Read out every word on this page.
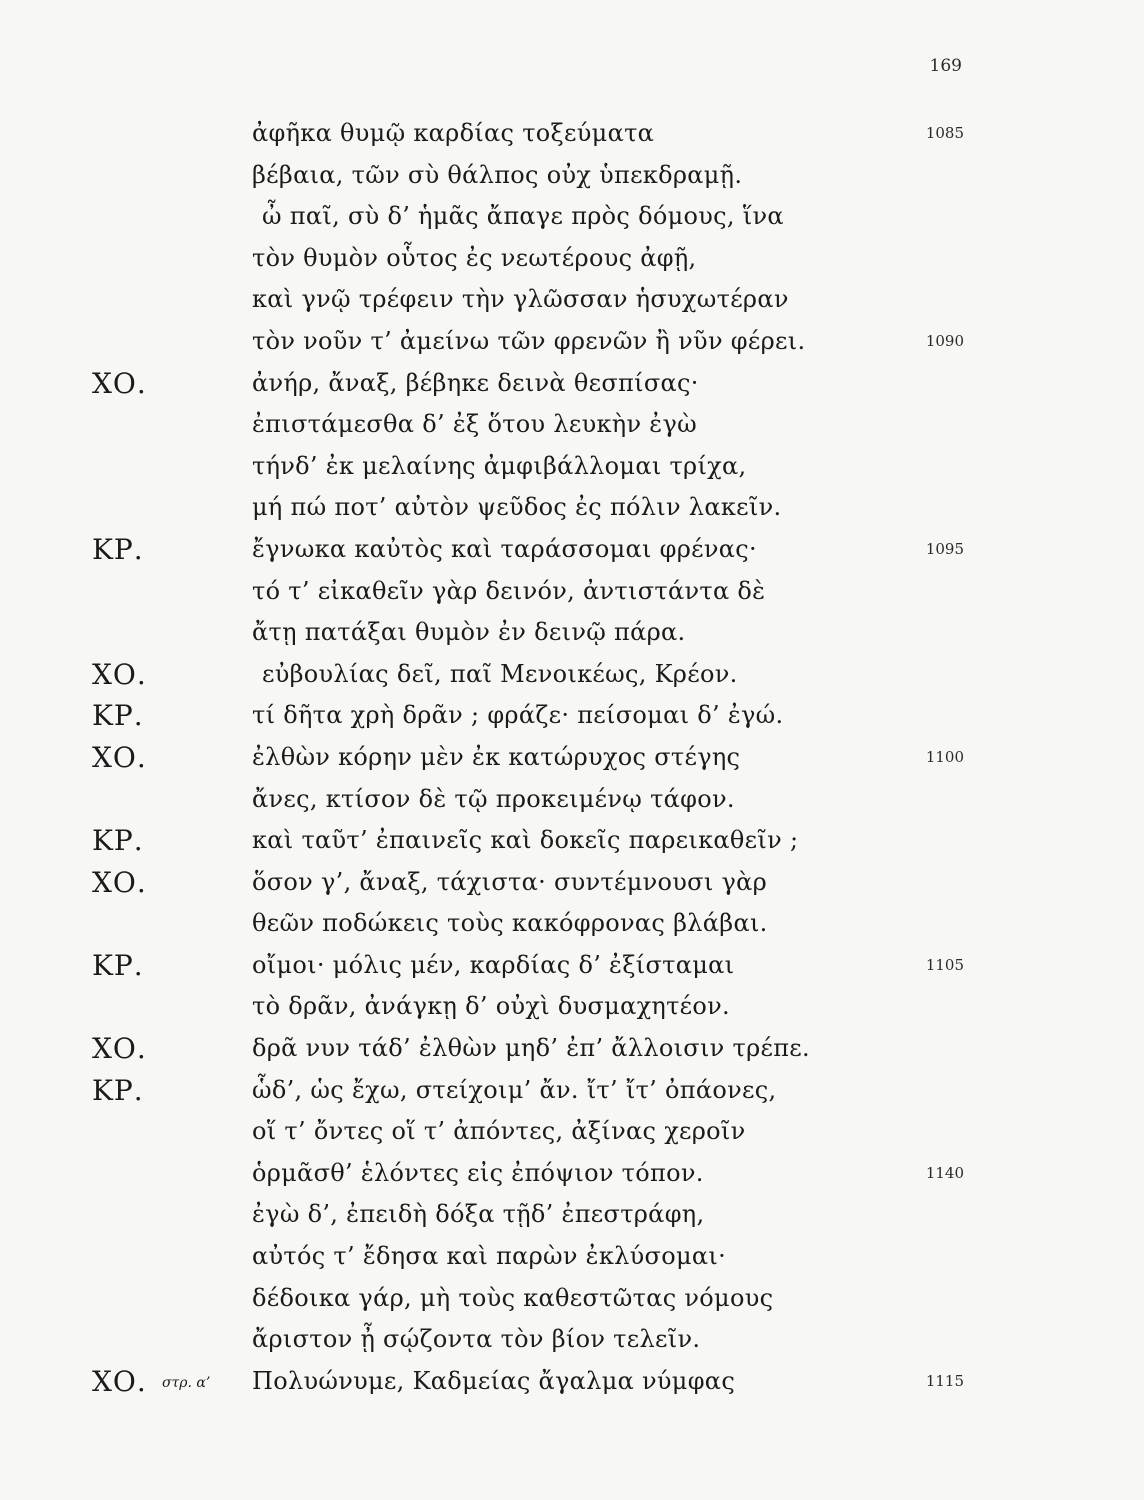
169
ἀφῆκα θυμῷ καρδίας τοξεύματα	1085
βέβαια, τῶν σὺ θάλπος οὐχ ὑπεκδραμῇ.
ὦ παῖ, σὺ δ’ ἡμᾶς ἄπαγε πρὸς δόμους, ἵνα
τὸν θυμὸν οὗτος ἐς νεωτέρους ἀφῇ,
καὶ γνῷ τρέφειν τὴν γλῶσσαν ἡσυχωτέραν
τὸν νοῦν τ’ ἀμείνω τῶν φρενῶν ἢ νῦν φέρει.	1090
ΧΟ.	ἀνήρ, ἄναξ, βέβηκε δεινὰ θεσπίσας·
ἐπιστάμεσθα δ’ ἐξ ὅτου λευκὴν ἐγὼ
τήνδ’ ἐκ μελαίνης ἀμφιβάλλομαι τρίχα,
μή πώ ποτ’ αὐτὸν ψεῦδος ἐς πόλιν λακεῖν.
ΚΡ.	ἔγνωκα καὐτὸς καὶ ταράσσομαι φρένας·	1095
τό τ’ εἰκαθεῖν γὰρ δεινόν, ἀντιστάντα δὲ
ἄτῃ πατάξαι θυμὸν ἐν δεινῷ πάρα.
ΧΟ.	εὐβουλίας δεῖ, παῖ Μενοικέως, Κρέον.
ΚΡ.	τί δῆτα χρὴ δρᾶν ; φράζε· πείσομαι δ’ ἐγώ.
ΧΟ.	ἐλθὼν κόρην μὲν ἐκ κατώρυχος στέγης	1100
ἄνες, κτίσον δὲ τῷ προκειμένῳ τάφον.
ΚΡ.	καὶ ταῦτ’ ἐπαινεῖς καὶ δοκεῖς παρεικαθεῖν ;
ΧΟ.	ὅσον γ’, ἄναξ, τάχιστα· συντέμνουσι γὰρ
θεῶν ποδώκεις τοὺς κακόφρονας βλάβαι.
ΚΡ.	οἴμοι· μόλις μέν, καρδίας δ’ ἐξίσταμαι	1105
τὸ δρᾶν, ἀνάγκῃ δ’ οὐχὶ δυσμαχητέον.
ΧΟ.	δρᾶ νυν τάδ’ ἐλθὼν μηδ’ ἐπ’ ἄλλοισιν τρέπε.
ΚΡ.	ὧδ’, ὡς ἔχω, στείχοιμ’ ἄν. ἴτ’ ἴτ’ ὀπάονες,
οἵ τ’ ὄντες οἵ τ’ ἀπόντες, ἀξίνας χεροῖν
ὁρμᾶσθ’ ἑλόντες εἰς ἐπόψιον τόπον.	1140
ἐγὼ δ’, ἐπειδὴ δόξα τῇδ’ ἐπεστράφη,
αὐτός τ’ ἔδησα καὶ παρὼν ἐκλύσομαι·
δέδοικα γάρ, μὴ τοὺς καθεστῶτας νόμους
ἄριστον ᾖ σῴζοντα τὸν βίον τελεῖν.
ΧΟ. στρ. α’ Πολυώνυμε, Καδμείας ἄγαλμα νύμφας	1115
